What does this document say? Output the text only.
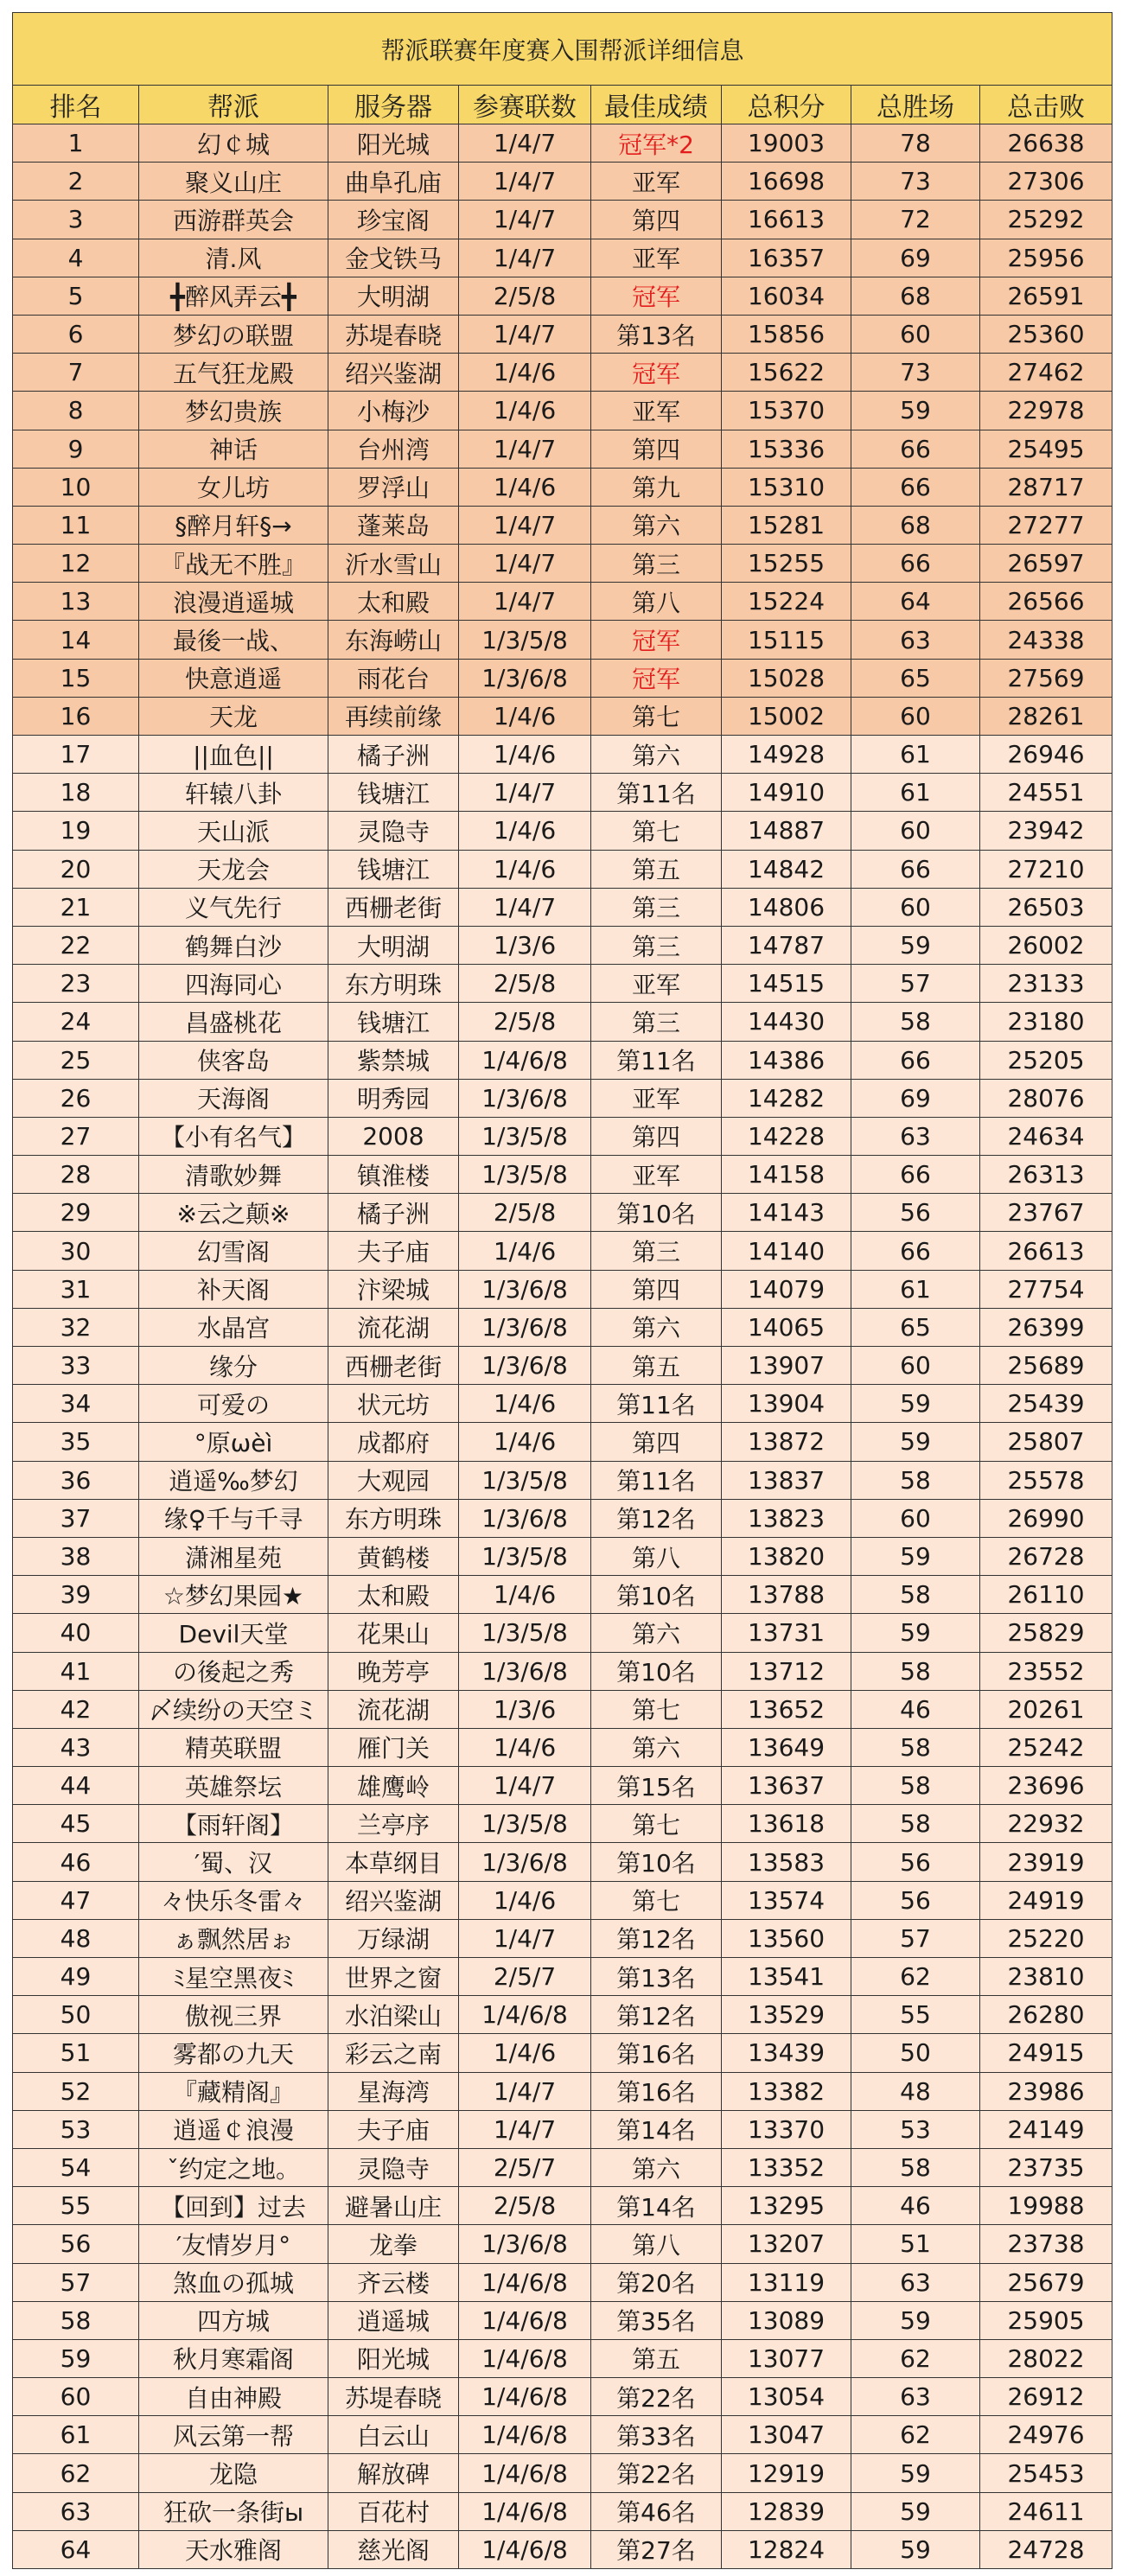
帮派联赛年度赛入围帮派详细信息							
排名	帮派	服务器	参赛联数	最佳成绩	总积分	总胜场	总击败
1	幻￠城	阳光城	1/4/7	冠军*2	19003	78	26638
2	聚义山庄	曲阜孔庙	1/4/7	亚军	16698	73	27306
3	西游群英会	珍宝阁	1/4/7	第四	16613	72	25292
4	清.风	金戈铁马	1/4/7	亚军	16357	69	25956
5	╋醉风弄云╋	大明湖	2/5/8	冠军	16034	68	26591
6	梦幻の联盟	苏堤春晓	1/4/7	第13名	15856	60	25360
7	五气狂龙殿	绍兴鉴湖	1/4/6	冠军	15622	73	27462
8	梦幻贵族	小梅沙	1/4/6	亚军	15370	59	22978
9	神话	台州湾	1/4/7	第四	15336	66	25495
10	女儿坊	罗浮山	1/4/6	第九	15310	66	28717
11	§醉月轩§→	蓬莱岛	1/4/7	第六	15281	68	27277
12	『战无不胜』	沂水雪山	1/4/7	第三	15255	66	26597
13	浪漫逍遥城	太和殿	1/4/7	第八	15224	64	26566
14	最後一战、	东海崂山	1/3/5/8	冠军	15115	63	24338
15	快意逍遥	雨花台	1/3/6/8	冠军	15028	65	27569
16	天龙	再续前缘	1/4/6	第七	15002	60	28261
17	||血色||	橘子洲	1/4/6	第六	14928	61	26946
18	轩辕八卦	钱塘江	1/4/7	第11名	14910	61	24551
19	天山派	灵隐寺	1/4/6	第七	14887	60	23942
20	天龙会	钱塘江	1/4/6	第五	14842	66	27210
21	义气先行	西栅老街	1/4/7	第三	14806	60	26503
22	鹤舞白沙	大明湖	1/3/6	第三	14787	59	26002
23	四海同心	东方明珠	2/5/8	亚军	14515	57	23133
24	昌盛桃花	钱塘江	2/5/8	第三	14430	58	23180
25	侠客岛	紫禁城	1/4/6/8	第11名	14386	66	25205
26	天海阁	明秀园	1/3/6/8	亚军	14282	69	28076
27	【小有名气】	2008	1/3/5/8	第四	14228	63	24634
28	清歌妙舞	镇淮楼	1/3/5/8	亚军	14158	66	26313
29	※云之颠※	橘子洲	2/5/8	第10名	14143	56	23767
30	幻雪阁	夫子庙	1/4/6	第三	14140	66	26613
31	补天阁	汴梁城	1/3/6/8	第四	14079	61	27754
32	水晶宫	流花湖	1/3/6/8	第六	14065	65	26399
33	缘分	西栅老街	1/3/6/8	第五	13907	60	25689
34	可爱の	状元坊	1/4/6	第11名	13904	59	25439
35	°原ωèì	成都府	1/4/6	第四	13872	59	25807
36	逍遥‰梦幻	大观园	1/3/5/8	第11名	13837	58	25578
37	缘♀千与千寻	东方明珠	1/3/6/8	第12名	13823	60	26990
38	潇湘星苑	黄鹤楼	1/3/5/8	第八	13820	59	26728
39	☆梦幻果园★	太和殿	1/4/6	第10名	13788	58	26110
40	Devil天堂	花果山	1/3/5/8	第六	13731	59	25829
41	の後起之秀	晚芳亭	1/3/6/8	第10名	13712	58	23552
42	〆续纷の天空ミ	流花湖	1/3/6	第七	13652	46	20261
43	精英联盟	雁门关	1/4/6	第六	13649	58	25242
44	英雄祭坛	雄鹰岭	1/4/7	第15名	13637	58	23696
45	【雨轩阁】	兰亭序	1/3/5/8	第七	13618	58	22932
46	′蜀、汉	本草纲目	1/3/6/8	第10名	13583	56	23919
47	々快乐冬雷々	绍兴鉴湖	1/4/6	第七	13574	56	24919
48	ぁ飘然居ぉ	万绿湖	1/4/7	第12名	13560	57	25220
49	ﾐ星空黑夜ﾐ	世界之窗	2/5/7	第13名	13541	62	23810
50	傲视三界	水泊梁山	1/4/6/8	第12名	13529	55	26280
51	雾都の九天	彩云之南	1/4/6	第16名	13439	50	24915
52	『藏精阁』	星海湾	1/4/7	第16名	13382	48	23986
53	逍遥￠浪漫	夫子庙	1/4/7	第14名	13370	53	24149
54	ˇ约定之地。	灵隐寺	2/5/7	第六	13352	58	23735
55	【回到】过去	避暑山庄	2/5/8	第14名	13295	46	19988
56	′友情岁月°	龙拳	1/3/6/8	第八	13207	51	23738
57	煞血の孤城	齐云楼	1/4/6/8	第20名	13119	63	25679
58	四方城	逍遥城	1/4/6/8	第35名	13089	59	25905
59	秋月寒霜阁	阳光城	1/4/6/8	第五	13077	62	28022
60	自由神殿	苏堤春晓	1/4/6/8	第22名	13054	63	26912
61	风云第一帮	白云山	1/4/6/8	第33名	13047	62	24976
62	龙隐	解放碑	1/4/6/8	第22名	12919	59	25453
63	狂砍一条街ы	百花村	1/4/6/8	第46名	12839	59	24611
64	天水雅阁	慈光阁	1/4/6/8	第27名	12824	59	24728
